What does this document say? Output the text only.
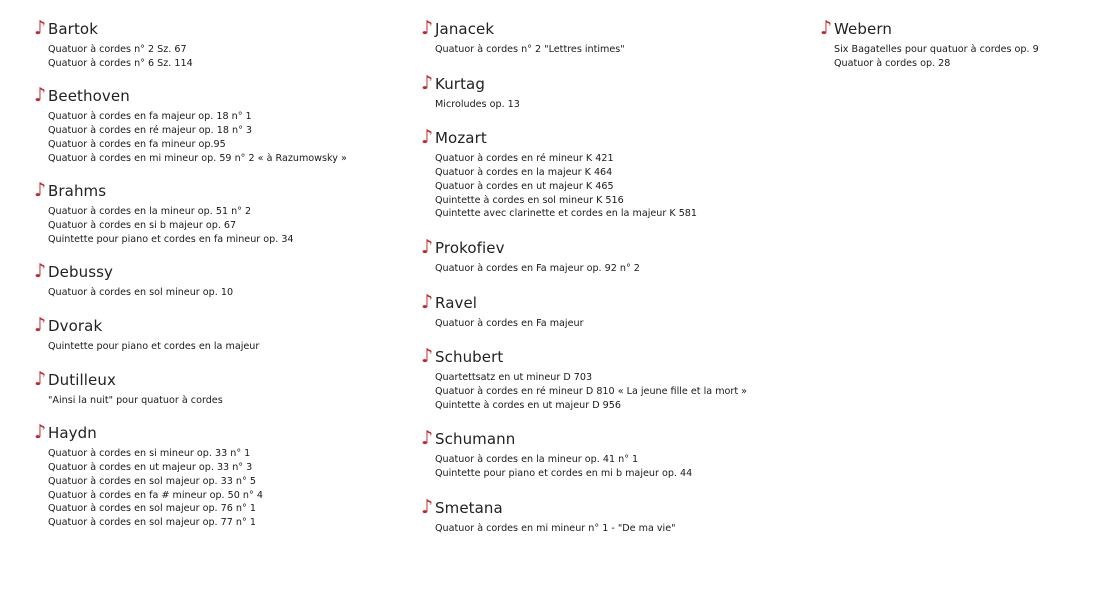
♪ Bartok
Quatuor à cordes n° 2 Sz. 67
Quatuor à cordes n° 6 Sz. 114
♪ Beethoven
Quatuor à cordes en fa majeur op. 18 n° 1
Quatuor à cordes en ré majeur op. 18 n° 3
Quatuor à cordes en fa mineur op.95
Quatuor à cordes en mi mineur op. 59 n° 2 « à Razumowsky »
♪ Brahms
Quatuor à cordes en la mineur op. 51 n° 2
Quatuor à cordes en si b majeur op. 67
Quintette pour piano et cordes en fa mineur op. 34
♪ Debussy
Quatuor à cordes en sol mineur op. 10
♪ Dvorak
Quintette pour piano et cordes en la majeur
♪ Dutilleux
"Ainsi la nuit" pour quatuor à cordes
♪ Haydn
Quatuor à cordes en si mineur op. 33 n° 1
Quatuor à cordes en ut majeur op. 33 n° 3
Quatuor à cordes en sol majeur op. 33 n° 5
Quatuor à cordes en fa # mineur op. 50 n° 4
Quatuor à cordes en sol majeur op. 76 n° 1
Quatuor à cordes en sol majeur op. 77 n° 1
♪ Janacek
Quatuor à cordes n° 2 "Lettres intimes"
♪ Kurtag
Microludes op. 13
♪ Mozart
Quatuor à cordes en ré mineur K 421
Quatuor à cordes en la majeur K 464
Quatuor à cordes en ut majeur K 465
Quintette à cordes en sol mineur K 516
Quintette avec clarinette et cordes en la majeur K 581
♪ Prokofiev
Quatuor à cordes en Fa majeur op. 92 n° 2
♪ Ravel
Quatuor à cordes en Fa majeur
♪ Schubert
Quartettsatz en ut mineur D 703
Quatuor à cordes en ré mineur D 810 « La jeune fille et la mort »
Quintette à cordes en ut majeur D 956
♪ Schumann
Quatuor à cordes en la mineur op. 41 n° 1
Quintette pour piano et cordes en mi b majeur op. 44
♪ Smetana
Quatuor à cordes en mi mineur n° 1 - "De ma vie"
♪ Webern
Six Bagatelles pour quatuor à cordes op. 9
Quatuor à cordes op. 28
